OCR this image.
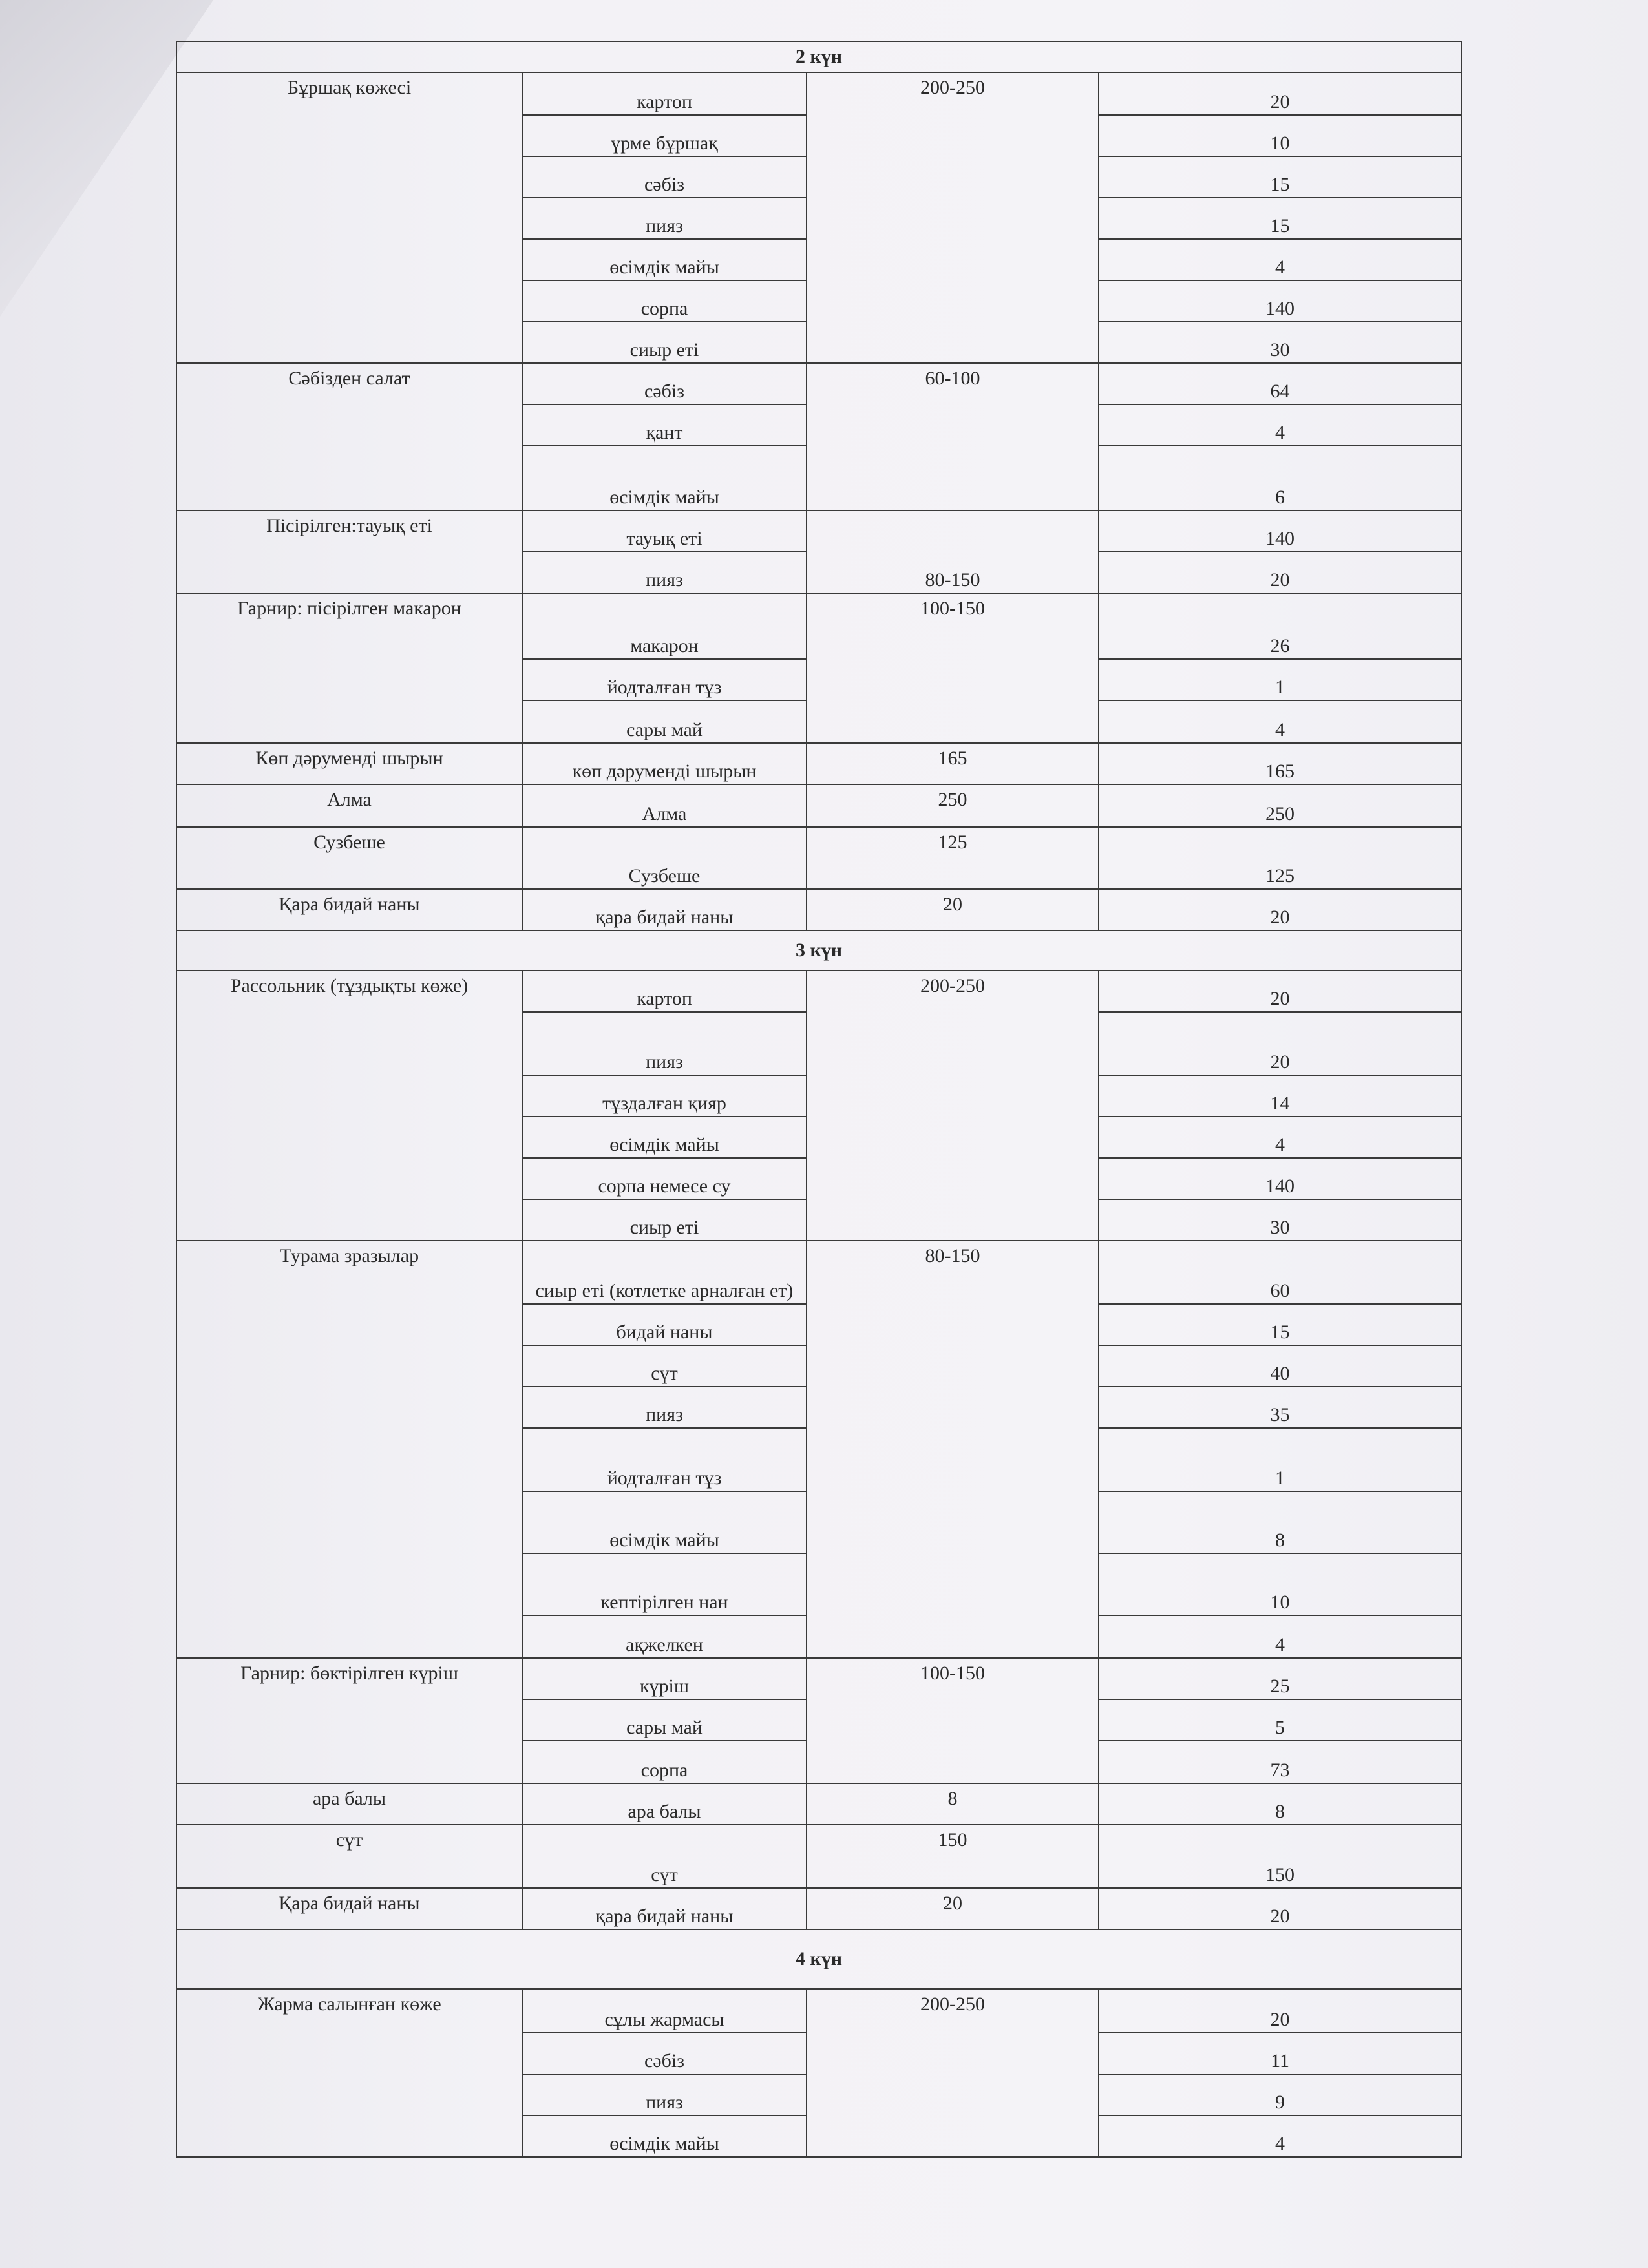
2 күн			
Бұршақ көжесі	картоп	200-250	20
	үрме бұршақ		10
	сәбіз		15
	пияз		15
	өсімдік майы		4
	сорпа		140
	сиыр еті		30
Сәбізден салат	сәбіз	60-100	64
	қант		4
	өсімдік майы		6
Пісірілген:тауық еті	тауық еті	80-150	140
	пияз		20
Гарнир: пісірілген макарон	макарон	100-150	26
	йодталған тұз		1
	сары май		4
Көп дәруменді шырын	көп дәруменді шырын	165	165
Алма	Алма	250	250
Сузбеше	Сузбеше	125	125
Қара бидай наны	қара бидай наны	20	20
3 күн			
Рассольник (тұздықты көже)	картоп	200-250	20
	пияз		20
	тұздалған қияр		14
	өсімдік майы		4
	сорпа немесе су		140
	сиыр еті		30
Турама зразылар	сиыр еті (котлетке арналған ет)	80-150	60
	бидай наны		15
	сүт		40
	пияз		35
	йодталған тұз		1
	өсімдік майы		8
	кептірілген нан		10
	ақжелкен		4
Гарнир: бөктірілген күріш	күріш	100-150	25
	сары май		5
	сорпа		73
ара балы	ара балы	8	8
сүт	сүт	150	150
Қара бидай наны	қара бидай наны	20	20
4 күн			
Жарма салынған көже	сұлы жармасы	200-250	20
	сәбіз		11
	пияз		9
	өсімдік майы		4
